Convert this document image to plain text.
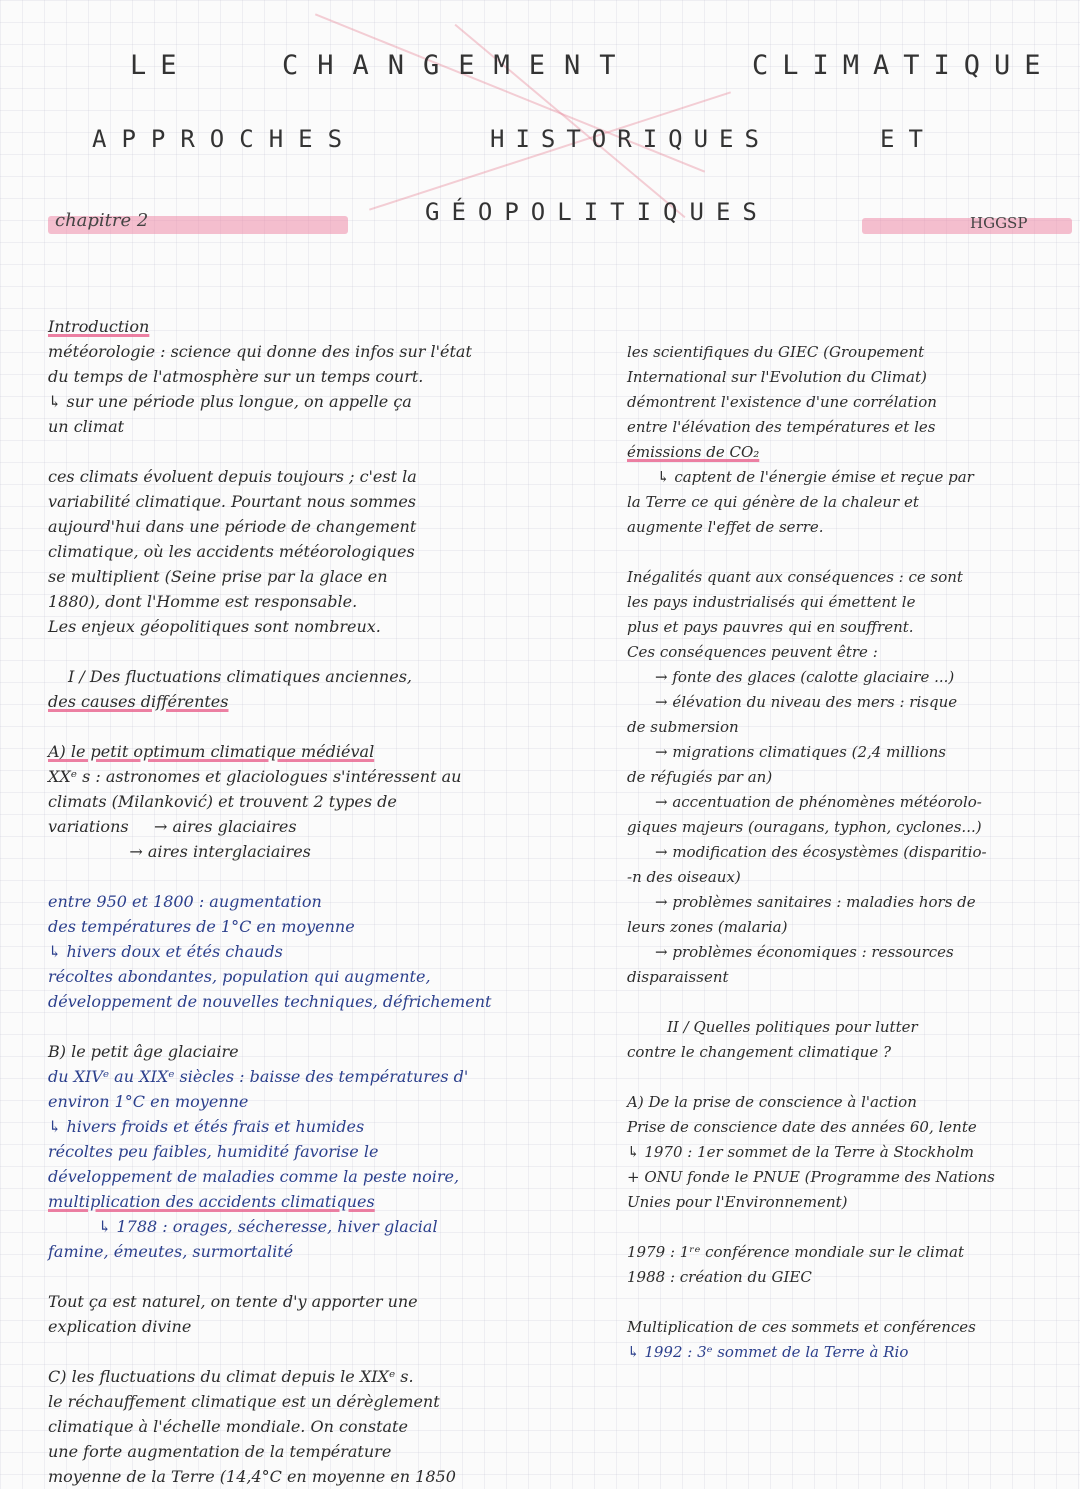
LE	CHANGEMENT	CLIMATIQUE
APPROCHES	HISTORIQUES	ET
chapitre 2	GÉOPOLITIQUES	HGGSP
Introduction
météorologie : science qui donne des infos sur l'état
du temps de l'atmosphère sur un temps court.
↳ sur une période plus longue, on appelle ça
un climat
ces climats évoluent depuis toujours ; c'est la
variabilité climatique. Pourtant nous sommes
aujourd'hui dans une période de changement
climatique, où les accidents météorologiques
se multiplient (Seine prise par la glace en
1880), dont l'Homme est responsable.
Les enjeux géopolitiques sont nombreux.
I / Des fluctuations climatiques anciennes,
des causes différentes
A) le petit optimum climatique médiéval
XXᵉ s : astronomes et glaciologues s'intéressent au
climats (Milanković) et trouvent 2 types de
variations     → aires glaciaires
→ aires interglaciaires
entre 950 et 1800 : augmentation
des températures de 1°C en moyenne
↳ hivers doux et étés chauds
récoltes abondantes, population qui augmente,
développement de nouvelles techniques, défrichement
B) le petit âge glaciaire
du XIVᵉ au XIXᵉ siècles : baisse des températures d'
environ 1°C en moyenne
↳ hivers froids et étés frais et humides
récoltes peu faibles, humidité favorise le
développement de maladies comme la peste noire,
multiplication des accidents climatiques
↳ 1788 : orages, sécheresse, hiver glacial
famine, émeutes, surmortalité
Tout ça est naturel, on tente d'y apporter une
explication divine
C) les fluctuations du climat depuis le XIXᵉ s.
le réchauffement climatique est un dérèglement
climatique à l'échelle mondiale. On constate
une forte augmentation de la température
moyenne de la Terre (14,4°C en moyenne en 1850
les scientifiques du GIEC (Groupement
International sur l'Evolution du Climat)
démontrent l'existence d'une corrélation
entre l'élévation des températures et les
émissions de CO₂
↳ captent de l'énergie émise et reçue par
la Terre ce qui génère de la chaleur et
augmente l'effet de serre.
Inégalités quant aux conséquences : ce sont
les pays industrialisés qui émettent le
plus et pays pauvres qui en souffrent.
Ces conséquences peuvent être :
→ fonte des glaces (calotte glaciaire ...)
→ élévation du niveau des mers : risque
de submersion
→ migrations climatiques (2,4 millions
de réfugiés par an)
→ accentuation de phénomènes météorolo-
giques majeurs (ouragans, typhon, cyclones...)
→ modification des écosystèmes (disparitio-
-n des oiseaux)
→ problèmes sanitaires : maladies hors de
leurs zones (malaria)
→ problèmes économiques : ressources
disparaissent
II / Quelles politiques pour lutter
contre le changement climatique ?
A) De la prise de conscience à l'action
Prise de conscience date des années 60, lente
↳ 1970 : 1er sommet de la Terre à Stockholm
+ ONU fonde le PNUE (Programme des Nations
Unies pour l'Environnement)
1979 : 1ʳᵉ conférence mondiale sur le climat
1988 : création du GIEC
Multiplication de ces sommets et conférences
↳ 1992 : 3ᵉ sommet de la Terre à Rio
